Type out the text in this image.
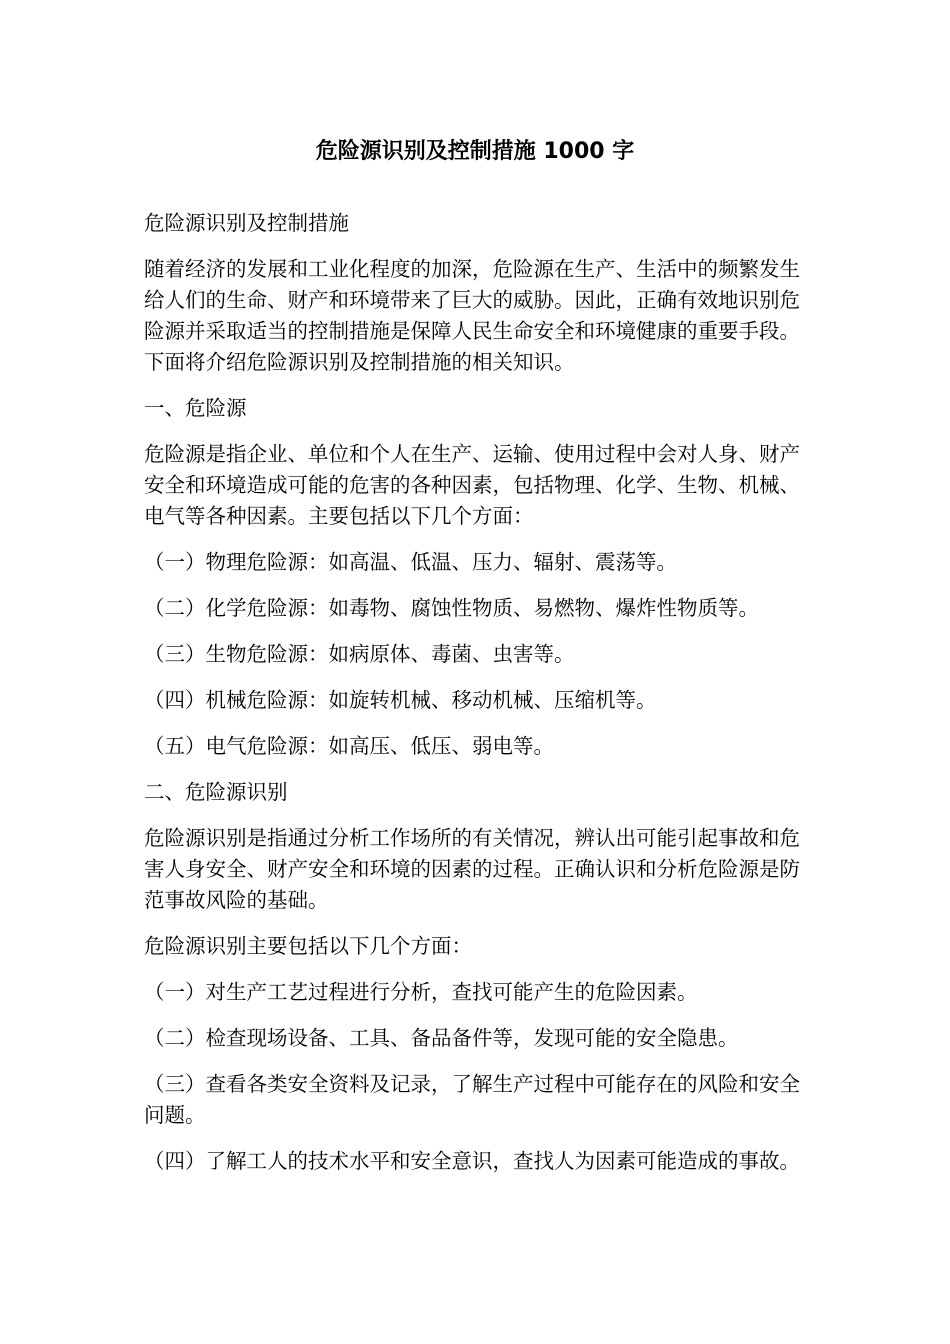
危险源识别及控制措施 1000 字

危险源识别及控制措施

随着经济的发展和工业化程度的加深，危险源在生产、生活中的频繁发生给人们的生命、财产和环境带来了巨大的威胁。因此，正确有效地识别危险源并采取适当的控制措施是保障人民生命安全和环境健康的重要手段。下面将介绍危险源识别及控制措施的相关知识。

一、危险源

危险源是指企业、单位和个人在生产、运输、使用过程中会对人身、财产安全和环境造成可能的危害的各种因素，包括物理、化学、生物、机械、电气等各种因素。主要包括以下几个方面：

（一）物理危险源：如高温、低温、压力、辐射、震荡等。

（二）化学危险源：如毒物、腐蚀性物质、易燃物、爆炸性物质等。

（三）生物危险源：如病原体、毒菌、虫害等。

（四）机械危险源：如旋转机械、移动机械、压缩机等。

（五）电气危险源：如高压、低压、弱电等。

二、危险源识别

危险源识别是指通过分析工作场所的有关情况，辨认出可能引起事故和危害人身安全、财产安全和环境的因素的过程。正确认识和分析危险源是防范事故风险的基础。

危险源识别主要包括以下几个方面：

（一）对生产工艺过程进行分析，查找可能产生的危险因素。

（二）检查现场设备、工具、备品备件等，发现可能的安全隐患。

（三）查看各类安全资料及记录，了解生产过程中可能存在的风险和安全问题。

（四）了解工人的技术水平和安全意识，查找人为因素可能造成的事故。
